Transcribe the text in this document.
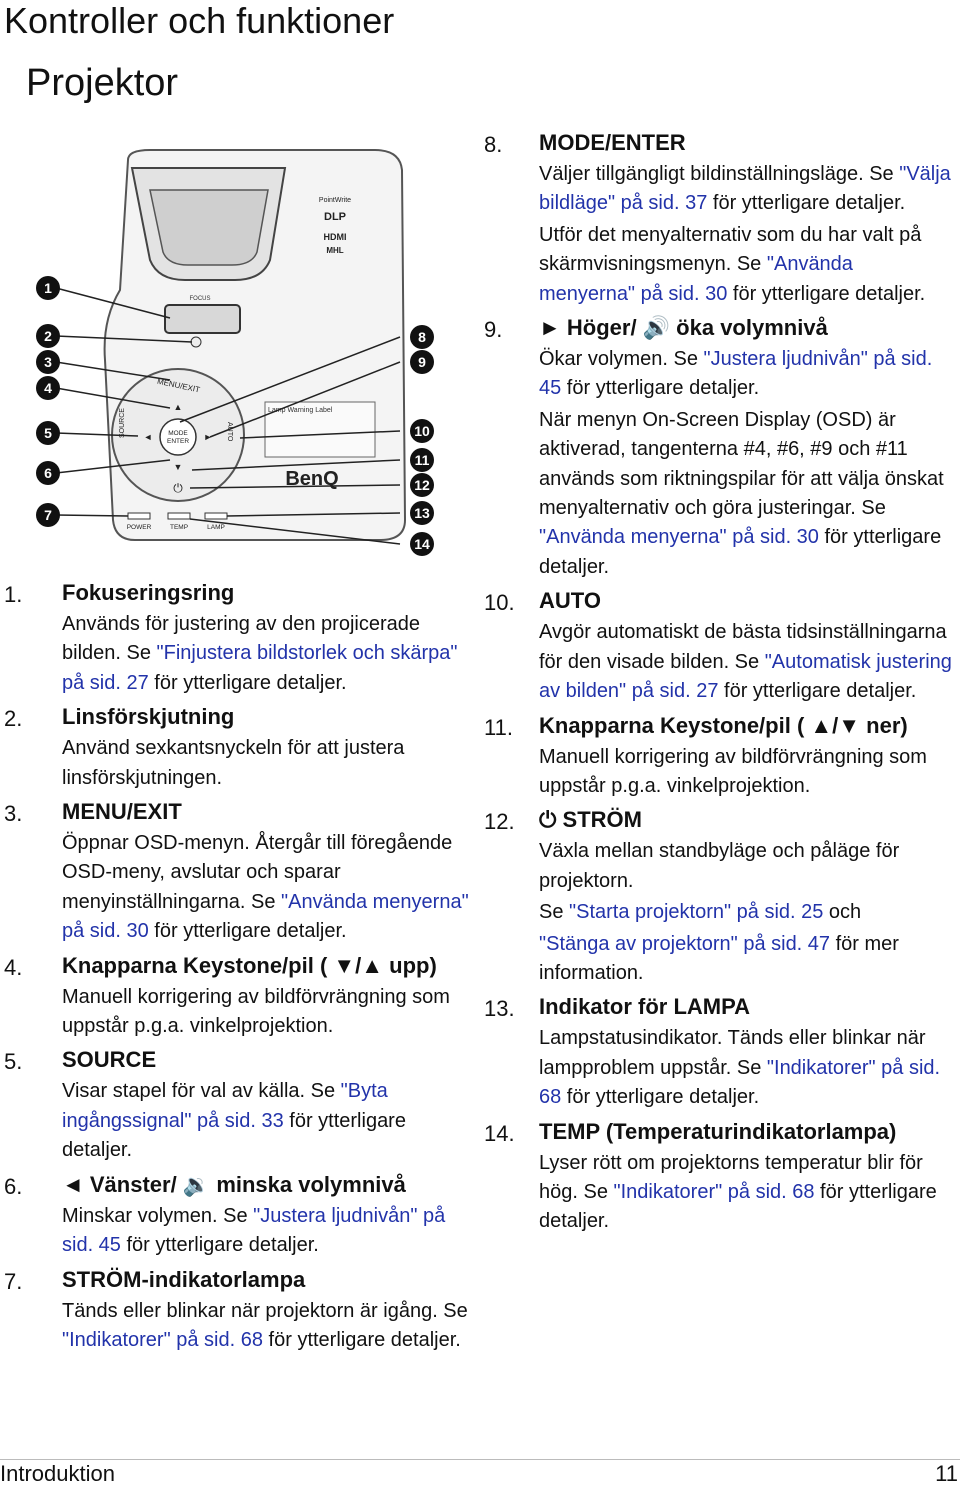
Kontroller och funktioner
Projektor
FOCUS
PointWrite
DLP
HDMI
MHL
Lamp Warning Label
BenQ
MODE
ENTER
▲
▼
◄	►
⏻
MENU/EXIT
SOURCE	AUTO
POWER	TEMP	LAMP
1
2
3
4
5
6
7
8
9
10
11
12
13
14
1. Fokuseringsring

Används för justering av den projicerade bilden. Se "Finjustera bildstorlek och skärpa" på sid. 27 för ytterligare detaljer.

2. Linsförskjutning

Använd sexkantsnyckeln för att justera linsförskjutningen.

3. MENU/EXIT

Öppnar OSD-menyn. Återgår till föregående OSD-meny, avslutar och sparar menyinställningarna. Se "Använda menyerna" på sid. 30 för ytterligare detaljer.

4. Knapparna Keystone/pil ( ▼/▲ upp)

Manuell korrigering av bildförvrängning som uppstår p.g.a. vinkelprojektion.

5. SOURCE

Visar stapel för val av källa. Se "Byta ingångssignal" på sid. 33 för ytterligare detaljer.

6. ◄ Vänster/ 🔉 minska volymnivå

Minskar volymen. Se "Justera ljudnivån" på sid. 45 för ytterligare detaljer.

7. STRÖM-indikatorlampa

Tänds eller blinkar när projektorn är igång. Se "Indikatorer" på sid. 68 för ytterligare detaljer.

8. MODE/ENTER

Väljer tillgängligt bildinställningsläge. Se "Välja bildläge" på sid. 37 för ytterligare detaljer.

Utför det menyalternativ som du har valt på skärmvisningsmenyn. Se "Använda menyerna" på sid. 30 för ytterligare detaljer.

9. ► Höger/ 🔊 öka volymnivå

Ökar volymen. Se "Justera ljudnivån" på sid. 45 för ytterligare detaljer.

När menyn On-Screen Display (OSD) är aktiverad, tangenterna #4, #6, #9 och #11 används som riktningspilar för att välja önskat menyalternativ och göra justeringar. Se "Använda menyerna" på sid. 30 för ytterligare detaljer.

10. AUTO

Avgör automatiskt de bästa tidsinställningarna för den visade bilden. Se "Automatisk justering av bilden" på sid. 27 för ytterligare detaljer.

11. Knapparna Keystone/pil ( ▲/▼ ner)

Manuell korrigering av bildförvrängning som uppstår p.g.a. vinkelprojektion.

12. ⏻ STRÖM

Växla mellan standbyläge och påläge för projektorn.

Se "Starta projektorn" på sid. 25 och

"Stänga av projektorn" på sid. 47 för mer information.

13. Indikator för LAMPA

Lampstatusindikator. Tänds eller blinkar när lampproblem uppstår. Se "Indikatorer" på sid. 68 för ytterligare detaljer.

14. TEMP (Temperaturindikatorlampa)

Lyser rött om projektorns temperatur blir för hög. Se "Indikatorer" på sid. 68 för ytterligare detaljer.

Introduktion	11
